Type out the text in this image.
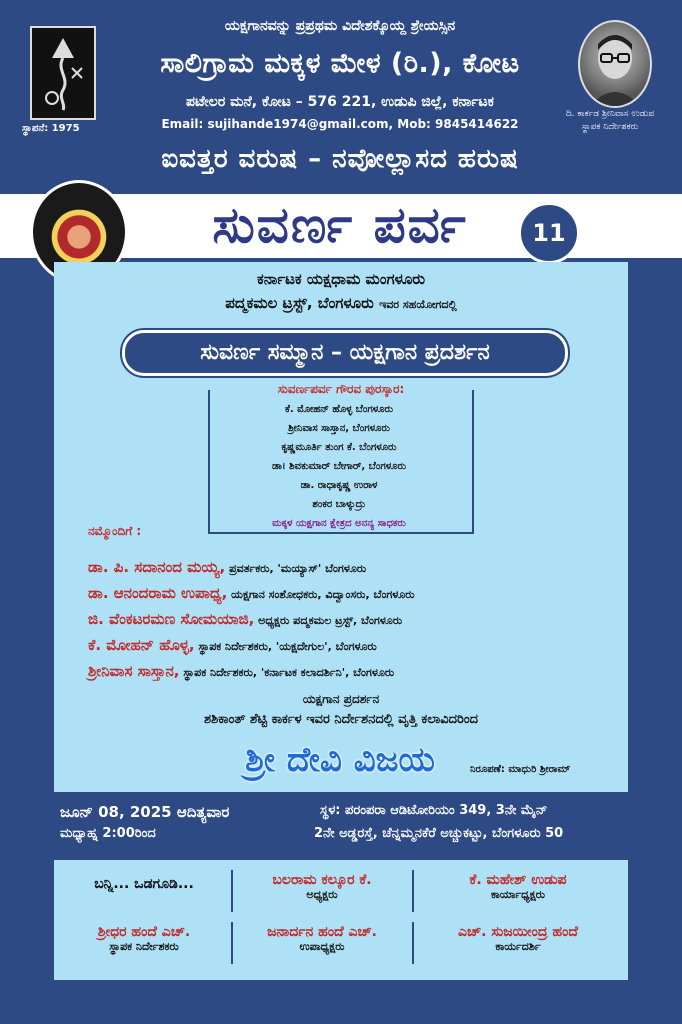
ಸ್ಥಾಪನೆ: 1975
ಯಕ್ಷಗಾನವನ್ನು ಪ್ರಪ್ರಥಮ ವಿದೇಶಕ್ಕೊಯ್ದ ಶ್ರೇಯಸ್ಸಿನ
ಸಾಲಿಗ್ರಾಮ ಮಕ್ಕಳ ಮೇಳ (ರಿ.), ಕೋಟ
ಪಟೇಲರ ಮನೆ, ಕೋಟ – 576 221, ಉಡುಪಿ ಜಿಲ್ಲೆ, ಕರ್ನಾಟಕ
Email: sujihande1974@gmail.com, Mob: 9845414622
ದಿ. ಕಾರ್ಕಡ ಶ್ರೀನಿವಾಸ ಉಡುಪ
ಸ್ಥಾಪಕ ನಿರ್ದೇಶಕರು
ಐವತ್ತರ ವರುಷ – ನವೋಲ್ಲಾಸದ ಹರುಷ
ಸುವರ್ಣ ಪರ್ವ	11
ಕರ್ನಾಟಕ ಯಕ್ಷಧಾಮ ಮಂಗಳೂರು
ಪದ್ಮಕಮಲ ಟ್ರಸ್ಟ್, ಬೆಂಗಳೂರು ಇವರ ಸಹಯೋಗದಲ್ಲಿ
ಸುವರ್ಣ ಸಮ್ಮಾನ – ಯಕ್ಷಗಾನ ಪ್ರದರ್ಶನ
ಸುವರ್ಣಪರ್ವ ಗೌರವ ಪುರಸ್ಕಾರ:
ಕೆ. ಮೋಹನ್ ಹೊಳ್ಳ ಬೆಂಗಳೂರು
ಶ್ರೀನಿವಾಸ ಸಾಸ್ತಾನ, ಬೆಂಗಳೂರು
ಕೃಷ್ಣಮೂರ್ತಿ ತುಂಗ ಕೆ. ಬೆಂಗಳೂರು
ಡಾ। ಶಿವಕುಮಾರ್ ಬೇಗಾರ್, ಬೆಂಗಳೂರು
ಡಾ. ರಾಧಾಕೃಷ್ಣ ಉರಾಳ
ಶಂಕರ ಬಾಳ್ಕುದ್ರು
ಮಕ್ಕಳ ಯಕ್ಷಗಾನ ಕ್ಷೇತ್ರದ ಅನನ್ಯ ಸಾಧಕರು
ನಮ್ಮೊಂದಿಗೆ :
ಡಾ. ಪಿ. ಸದಾನಂದ ಮಯ್ಯ, ಪ್ರವರ್ತಕರು, 'ಮಯ್ಯಾಸ್' ಬೆಂಗಳೂರು
ಡಾ. ಆನಂದರಾಮ ಉಪಾಧ್ಯ, ಯಕ್ಷಗಾನ ಸಂಶೋಧಕರು, ವಿದ್ವಾಂಸರು, ಬೆಂಗಳೂರು
ಜಿ. ವೆಂಕಟರಮಣ ಸೋಮಯಾಜಿ, ಅಧ್ಯಕ್ಷರು ಪದ್ಮಕಮಲ ಟ್ರಸ್ಟ್, ಬೆಂಗಳೂರು
ಕೆ. ಮೋಹನ್ ಹೊಳ್ಳ, ಸ್ಥಾಪಕ ನಿರ್ದೇಶಕರು, 'ಯಕ್ಷದೇಗುಲ', ಬೆಂಗಳೂರು
ಶ್ರೀನಿವಾಸ ಸಾಸ್ತಾನ, ಸ್ಥಾಪಕ ನಿರ್ದೇಶಕರು, 'ಕರ್ನಾಟಕ ಕಲಾದರ್ಶಿನಿ', ಬೆಂಗಳೂರು
ಯಕ್ಷಗಾನ ಪ್ರದರ್ಶನ
ಶಶಿಕಾಂತ್ ಶೆಟ್ಟಿ ಕಾರ್ಕಳ ಇವರ ನಿರ್ದೇಶನದಲ್ಲಿ ವೃತ್ತಿ ಕಲಾವಿದರಿಂದ
ಶ್ರೀ ದೇವಿ ವಿಜಯ	ನಿರೂಪಣೆ: ಮಾಧುರಿ ಶ್ರೀರಾಮ್
ಜೂನ್ 08, 2025 ಆದಿತ್ಯವಾರ
ಮಧ್ಯಾಹ್ನ 2:00ರಿಂದ
ಸ್ಥಳ: ಪರಂಪರಾ ಆಡಿಟೋರಿಯಂ 349, 3ನೇ ಮೈನ್
2ನೇ ಅಡ್ಡರಸ್ತೆ, ಚೆನ್ನಮ್ಮನಕೆರೆ ಅಚ್ಚುಕಟ್ಟು, ಬೆಂಗಳೂರು 50
ಬನ್ನಿ... ಒಡಗೂಡಿ...	ಬಲರಾಮ ಕಲ್ಕೂರ ಕೆ.
ಅಧ್ಯಕ್ಷರು
ಕೆ. ಮಹೇಶ್ ಉಡುಪ
ಕಾರ್ಯಾಧ್ಯಕ್ಷರು
ಶ್ರೀಧರ ಹಂದೆ ಎಚ್.
ಸ್ಥಾಪಕ ನಿರ್ದೇಶಕರು
ಜನಾರ್ದನ ಹಂದೆ ಎಚ್.
ಉಪಾಧ್ಯಕ್ಷರು
ಎಚ್. ಸುಜಯೀಂದ್ರ ಹಂದೆ
ಕಾರ್ಯದರ್ಶಿ
